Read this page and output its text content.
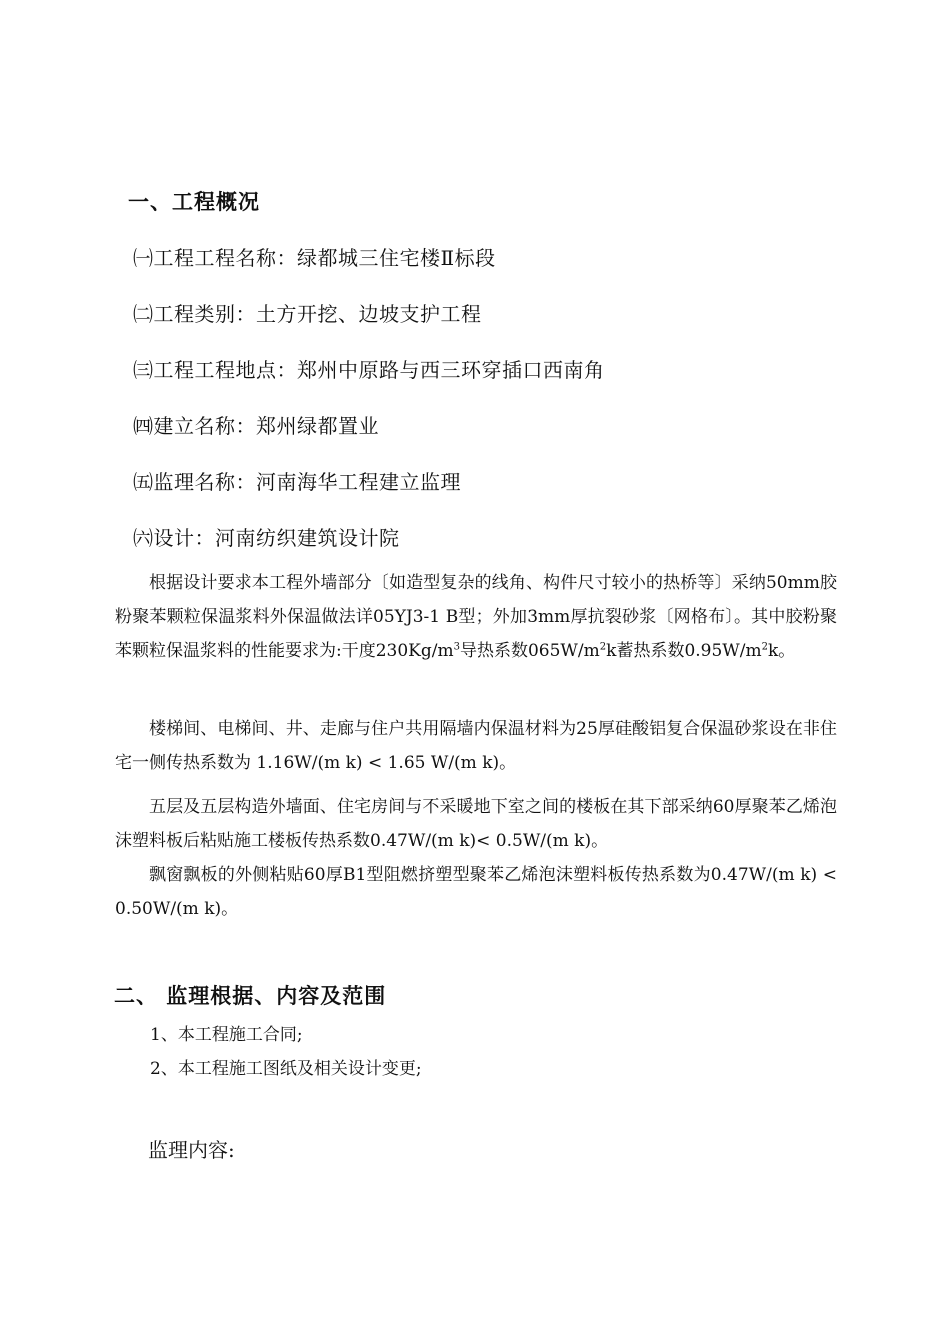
一、工程概况
㈠工程工程名称：绿都城三住宅楼Ⅱ标段
㈡工程类别：土方开挖、边坡支护工程
㈢工程工程地点：郑州中原路与西三环穿插口西南角
㈣建立名称：郑州绿都置业
㈤监理名称：河南海华工程建立监理
㈥设计：河南纺织建筑设计院

根据设计要求本工程外墙部分〔如造型复杂的线角、构件尺寸较小的热桥等〕采纳50mm胶粉聚苯颗粒保温浆料外保温做法详05YJ3-1 B型；外加3mm厚抗裂砂浆〔网格布〕。其中胶粉聚苯颗粒保温浆料的性能要求为:干度$230Kg/m^3$导热系数$065W/m^2k$蓄热系数$0.95W/m^2k$。

楼梯间、电梯间、井、走廊与住户共用隔墙内保温材料为25厚硅酸铝复合保温砂浆设在非住宅一侧传热系数为 1.16W/(m k) < 1.65 W/(m k)。

五层及五层构造外墙面、住宅房间与不采暖地下室之间的楼板在其下部采纳60厚聚苯乙烯泡沫塑料板后粘贴施工楼板传热系数0.47W/(m k)< 0.5W/(m k)。

飘窗飘板的外侧粘贴60厚B1型阻燃挤塑型聚苯乙烯泡沫塑料板传热系数为0.47W/(m k) < 0.50W/(m k)。

二、 监理根据、内容及范围
1、本工程施工合同;
2、本工程施工图纸及相关设计变更;
监理内容:
